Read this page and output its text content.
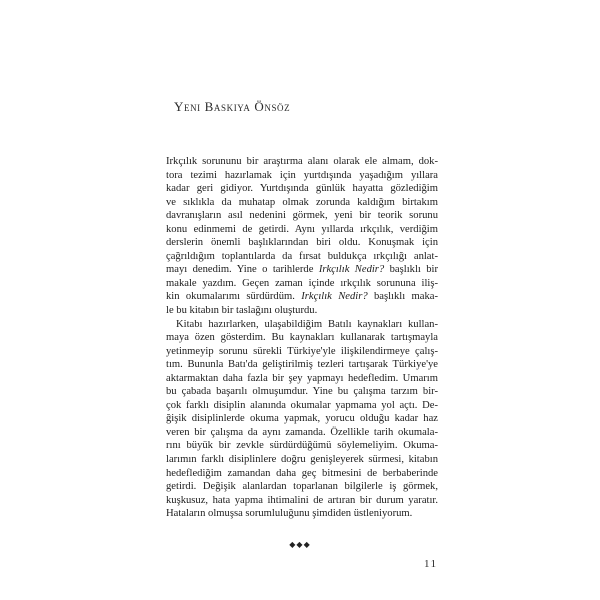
Yeni Baskıya Önsöz
Irkçılık sorununu bir araştırma alanı olarak ele almam, dok-
tora tezimi hazırlamak için yurtdışında yaşadığım yıllara
kadar geri gidiyor. Yurtdışında günlük hayatta gözlediğim
ve sıklıkla da muhatap olmak zorunda kaldığım birtakım
davranışların asıl nedenini görmek, yeni bir teorik sorunu
konu edinmemi de getirdi. Aynı yıllarda ırkçılık, verdiğim
derslerin önemli başlıklarından biri oldu. Konuşmak için
çağrıldığım toplantılarda da fırsat buldukça ırkçılığı anlat-
mayı denedim. Yine o tarihlerde Irkçılık Nedir? başlıklı bir
makale yazdım. Geçen zaman içinde ırkçılık sorununa iliş-
kin okumalarımı sürdürdüm. Irkçılık Nedir? başlıklı maka-
le bu kitabın bir taslağını oluşturdu.
Kitabı hazırlarken, ulaşabildiğim Batılı kaynakları kullan-
maya özen gösterdim. Bu kaynakları kullanarak tartışmayla
yetinmeyip sorunu sürekli Türkiye'yle ilişkilendirmeye çalış-
tım. Bununla Batı'da geliştirilmiş tezleri tartışarak Türkiye'ye
aktarmaktan daha fazla bir şey yapmayı hedefledim. Umarım
bu çabada başarılı olmuşumdur. Yine bu çalışma tarzım bir-
çok farklı disiplin alanında okumalar yapmama yol açtı. De-
ğişik disiplinlerde okuma yapmak, yorucu olduğu kadar haz
veren bir çalışma da aynı zamanda. Özellikle tarih okumala-
rını büyük bir zevkle sürdürdüğümü söylemeliyim. Okuma-
larımın farklı disiplinlere doğru genişleyerek sürmesi, kitabın
hedeflediğim zamandan daha geç bitmesini de berbaberinde
getirdi. Değişik alanlardan toparlanan bilgilerle iş görmek,
kuşkusuz, hata yapma ihtimalini de artıran bir durum yaratır.
Hataların olmuşsa sorumluluğunu şimdiden üstleniyorum.
◆◆◆
11
